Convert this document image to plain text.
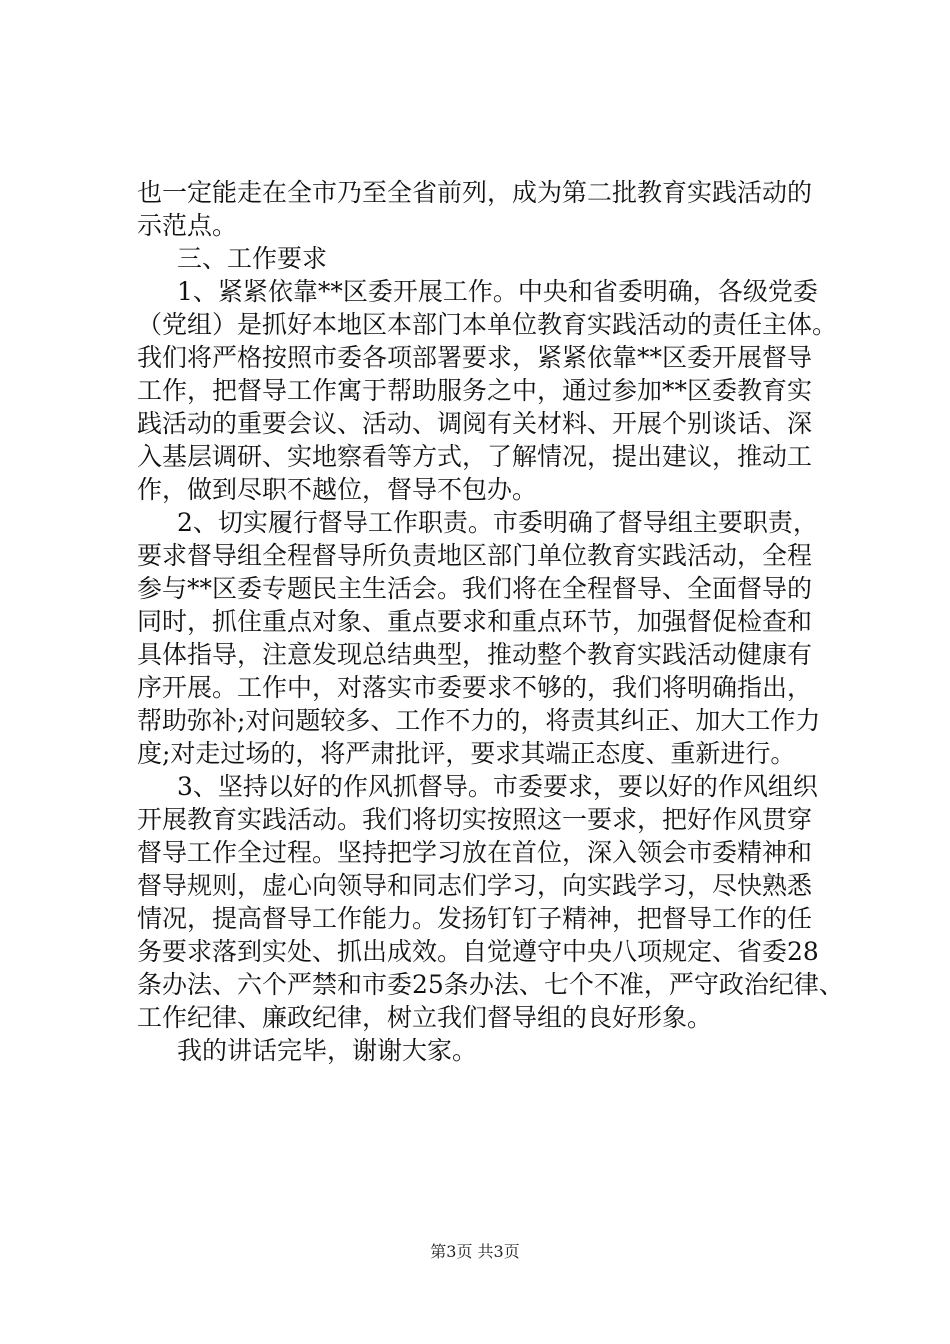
也一定能走在全市乃至全省前列，成为第二批教育实践活动的
示范点。
三、工作要求
1、紧紧依靠**区委开展工作。中央和省委明确，各级党委
（党组）是抓好本地区本部门本单位教育实践活动的责任主体。
我们将严格按照市委各项部署要求，紧紧依靠**区委开展督导
工作，把督导工作寓于帮助服务之中，通过参加**区委教育实
践活动的重要会议、活动、调阅有关材料、开展个别谈话、深
入基层调研、实地察看等方式，了解情况，提出建议，推动工
作，做到尽职不越位，督导不包办。
2、切实履行督导工作职责。市委明确了督导组主要职责，
要求督导组全程督导所负责地区部门单位教育实践活动，全程
参与**区委专题民主生活会。我们将在全程督导、全面督导的
同时，抓住重点对象、重点要求和重点环节，加强督促检查和
具体指导，注意发现总结典型，推动整个教育实践活动健康有
序开展。工作中，对落实市委要求不够的，我们将明确指出，
帮助弥补;对问题较多、工作不力的，将责其纠正、加大工作力
度;对走过场的，将严肃批评，要求其端正态度、重新进行。
3、坚持以好的作风抓督导。市委要求，要以好的作风组织
开展教育实践活动。我们将切实按照这一要求，把好作风贯穿
督导工作全过程。坚持把学习放在首位，深入领会市委精神和
督导规则，虚心向领导和同志们学习，向实践学习，尽快熟悉
情况，提高督导工作能力。发扬钉钉子精神，把督导工作的任
务要求落到实处、抓出成效。自觉遵守中央八项规定、省委28
条办法、六个严禁和市委25条办法、七个不准，严守政治纪律、
工作纪律、廉政纪律，树立我们督导组的良好形象。
我的讲话完毕，谢谢大家。
第3页 共3页
